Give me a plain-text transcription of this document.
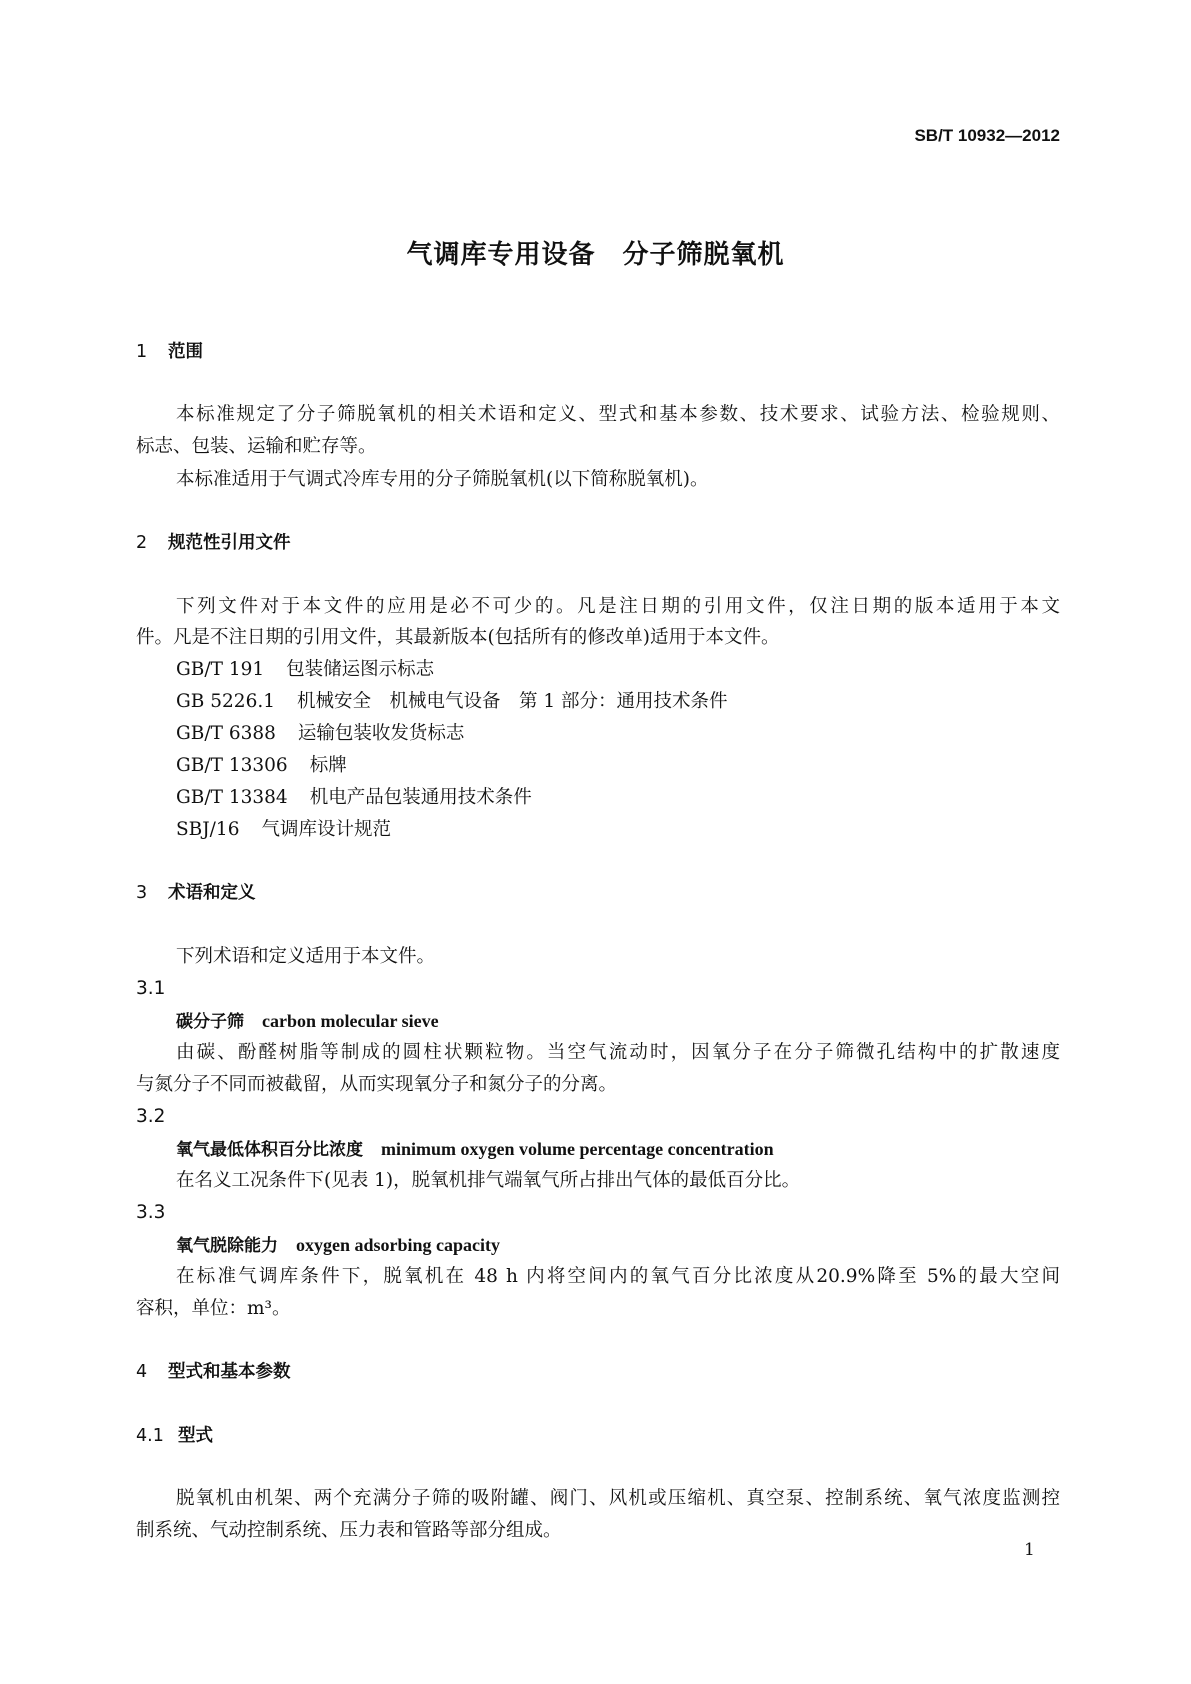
SB/T 10932—2012
气调库专用设备　分子筛脱氧机
1 范围
本标准规定了分子筛脱氧机的相关术语和定义、型式和基本参数、技术要求、试验方法、检验规则、
标志、包装、运输和贮存等。
本标准适用于气调式冷库专用的分子筛脱氧机(以下简称脱氧机)。
2 规范性引用文件
下列文件对于本文件的应用是必不可少的。凡是注日期的引用文件，仅注日期的版本适用于本文
件。凡是不注日期的引用文件，其最新版本(包括所有的修改单)适用于本文件。
GB/T 191 包装储运图示标志
GB 5226.1 机械安全　机械电气设备　第 1 部分：通用技术条件
GB/T 6388 运输包装收发货标志
GB/T 13306 标牌
GB/T 13384 机电产品包装通用技术条件
SBJ/16 气调库设计规范
3 术语和定义
下列术语和定义适用于本文件。
3.1
碳分子筛 carbon molecular sieve
由碳、酚醛树脂等制成的圆柱状颗粒物。当空气流动时，因氧分子在分子筛微孔结构中的扩散速度
与氮分子不同而被截留，从而实现氧分子和氮分子的分离。
3.2
氧气最低体积百分比浓度 minimum oxygen volume percentage concentration
在名义工况条件下(见表 1)，脱氧机排气端氧气所占排出气体的最低百分比。
3.3
氧气脱除能力 oxygen adsorbing capacity
在标准气调库条件下，脱氧机在 48 h 内将空间内的氧气百分比浓度从20.9%降至 5%的最大空间
容积，单位：m³。
4 型式和基本参数
4.1 型式
脱氧机由机架、两个充满分子筛的吸附罐、阀门、风机或压缩机、真空泵、控制系统、氧气浓度监测控
制系统、气动控制系统、压力表和管路等部分组成。
1
